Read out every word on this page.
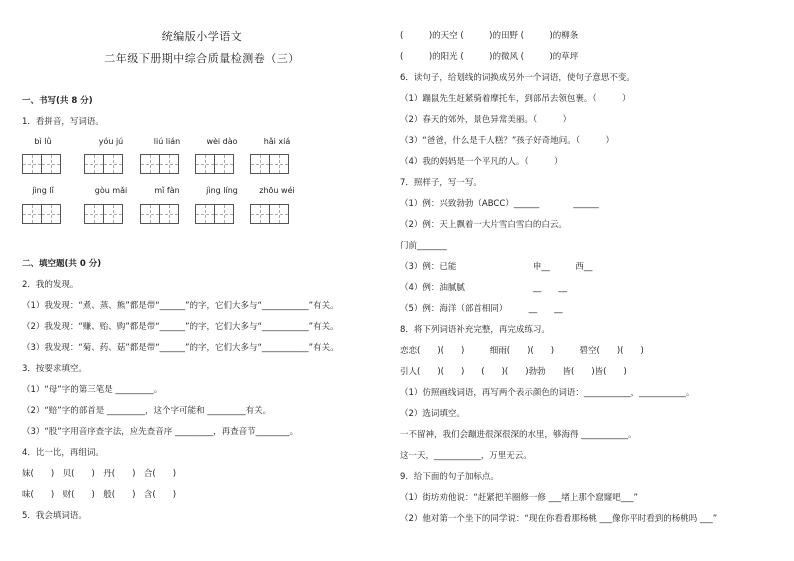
统编版小学语文
二年级下册期中综合质量检测卷（三）
一、书写(共 8 分)
1．看拼音，写词语。
bì lǜ	yóu jú	liú lián	wèi dào	hǎi xiá
jìng lǐ	gòu mǎi	mǐ fàn	jìng líng	zhōu wéi
二、填空题(共 0 分)
2．我的发现。
（1）我发现：“煮、蒸、熊”都是带“______”的字，它们大多与“___________”有关。
（2）我发现：“赚、贻、购”都是带“______”的字，它们大多与“___________”有关。
（3）我发现：“菊、药、菇”都是带“______”的字，它们大多与“___________”有关。
3．按要求填空。
（1）“母”字的第三笔是 _________。
（2）“赔”字的部首是 _________，这个字可能和 _________有关。
（3）“股”字用音序查字法，应先查音序 _________，再查音节________。
4．比一比，再组词。
妹(　　)　贝(　　)　丹(　　)　合(　　)
味(　　)　财(　　)　般(　　)　含(　　)
5．我会填词语。
(　　　)的天空 (　　　)的田野 (　　　)的柳条
(　　　)的阳光 (　　　)的微风 (　　　)的草坪
6．读句子，给划线的词换成另外一个词语，使句子意思不变。
（1）蹦鼠先生赶紧骑着摩托车，到部吊去领包裹。（　　　）
（2）春天的郊外，景色异常美丽。（　　　）
（3）“爸爸，什么是千人糕？”孩子好奇地问。（　　　）
（4）我的妈妈是一个平凡的人。（　　　）
7．照样子，写一写。
（1）例：兴致勃勃（ABCC）______　　　　______
（2）例：天上飘着一大片雪白雪白的白云。
门前_______
（3）例：已能　　　　　　　　　申__　　　西__
（4）例：油腻腻　　　　　　　　__　　__
（5）例：海洋（部首相同）　　　__　　__
8．将下列词语补充完整，再完成练习。
恋恋(　　)(　　)　　　细雨(　　)(　　)　　　碧空(　　)(　　)
引人(　　)(　　)　　(　　)(　　)勃勃　　皆(　　)皆(　　)
（1）仿照画线词语，再写两个表示颜色的词语：___________，___________。
（2）选词填空。
一不留神，我们会蹦进很深很深的水里，够海得 ___________。
这一天，___________，万里无云。
9．给下面的句子加标点。
（1）街坊劝他说：“赶紧把羊圈修一修 ___堵上那个窟窿吧___”
（2）他对第一个坐下的同学说：“现在你看看那杨桃 ___像你平时看到的杨桃吗 ___”
